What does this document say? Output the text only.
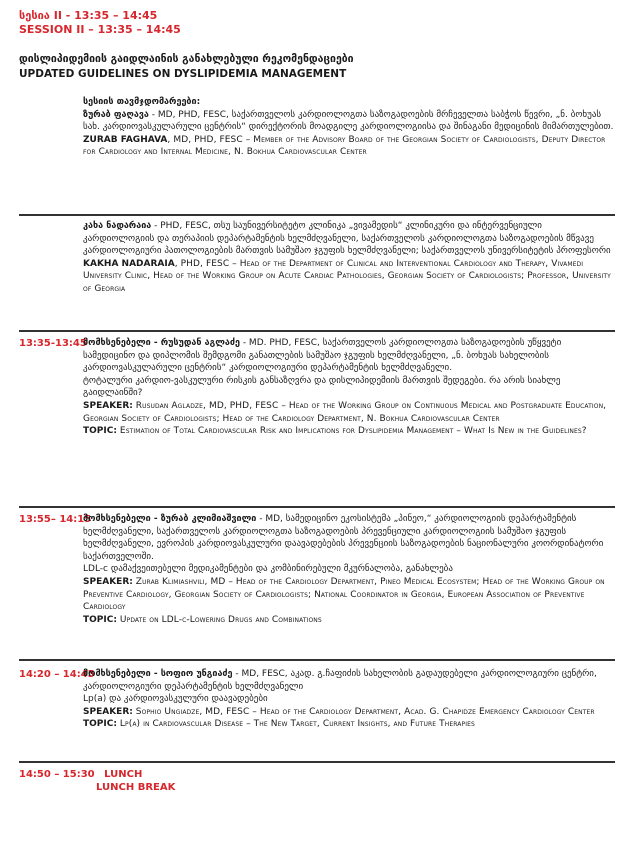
სესია II - 13:35 – 14:45
SESSION II – 13:35 – 14:45
დისლიპიდემიის გაიდლაინის განახლებული რეკომენდაციები
UPDATED GUIDELINES ON DYSLIPIDEMIA MANAGEMENT

სესიის თავმჯდომარეები:

ზურაბ ფაღავა - MD, PHD, FESC, საქართველოს კარდიოლოგთა საზოგადოების მრჩეველთა საბჭოს წევრი, „ნ. ბოხუას სახ. კარდიოვასკულარული ცენტრის“ დირექტორის მოადგილე კარდიოლოგიისა და შინაგანი მედიცინის მიმართულებით.

ZURAB FAGHAVA, MD, PHD, FESC – Member of the Advisory Board of the Georgian Society of Cardiologists, Deputy Director for Cardiology and Internal Medicine, N. Bokhua Cardiovascular Center

კახა ნადარაია - PHD, FESC, თსუ საუნივერსიტეტო კლინიკა „ვივამედის“ კლინიკური და ინტერვენციული კარდიოლოგიის და თერაპიის დეპარტამენტის ხელმძღვანელი, საქართველოს კარდიოლოგთა საზოგადოების მწვავე კარდიოლოგიური პათოლოგიების მართვის სამუშაო ჯგუფის ხელმძღვანელი; საქართველოს უნივერსიტეტის პროფესორი

KAKHA NADARAIA, PHD, FESC – Head of the Department of Clinical and Interventional Cardiology and Therapy, Vivamedi University Clinic, Head of the Working Group on Acute Cardiac Pathologies, Georgian Society of Cardiologists; Professor, University of Georgia

13:35-13:45

მომხსენებელი - რუსუდან აგლაძე - MD. PHD, FESC, საქართველოს კარდიოლოგთა საზოგადოების უწყვეტი სამედიცინო და დიპლომის შემდგომი განათლების სამუშაო ჯგუფის ხელმძღვანელი, „ნ. ბოხუას სახელობის კარდიოვასკულარული ცენტრის“ კარდიოლოგიური დეპარტამენტის ხელმძღვანელი.

ტოტალური კარდიო-ვასკულური რისკის განსაზღვრა და დისლიპიდემიის მართვის შედეგები. რა არის სიახლე გაიდლაინში?

SPEAKER: Rusudan Agladze, MD, PHD, FESC – Head of the Working Group on Continuous Medical and Postgraduate Education, Georgian Society of Cardiologists; Head of the Cardiology Department, N. Bokhua Cardiovascular Center

TOPIC: Estimation of Total Cardiovascular Risk and Implications for Dyslipidemia Management – What Is New in the Guidelines?

13:55– 14:15

მომხსენებელი - ზურაბ კლიმიაშვილი - MD, სამედიცინო ეკოსისტემა „პინეო,“ კარდიოლოგიის დეპარტამენტის ხელმძღვანელი, საქართველოს კარდიოლოგთა საზოგადოების პრევენციული კარდიოლოგიის სამუშაო ჯგუფის ხელმძღვანელი, ევროპის კარდიოვასკულური დაავადებების პრევენციის საზოგადოების ნაციონალური კოორდინატორი საქართველოში.

LDL-c დამაქვეითებელი მედიკამენტები და კომბინირებული მკურნალობა, განახლება

SPEAKER: Zurab Klimiashvili, MD – Head of the Cardiology Department, Pineo Medical Ecosystem; Head of the Working Group on Preventive Cardiology, Georgian Society of Cardiologists; National Coordinator in Georgia, European Association of Preventive Cardiology

TOPIC: Update on LDL-c-Lowering Drugs and Combinations

14:20 – 14:45

მომხსენებელი - სოფიო უნგიაძე - MD, FESC, აკად. გ.ჩაფიძის სახელობის გადაუდებელი კარდიოლოგიური ცენტრი, კარდიოლოგიური დეპარტამენტის ხელმძღვანელი

Lp(a) და კარდიოვასკულური დაავადებები

SPEAKER: Sophio Ungiadze, MD, FESC – Head of the Cardiology Department, Acad. G. Chapidze Emergency Cardiology Center

TOPIC: Lp(a) in Cardiovascular Disease – The New Target, Current Insights, and Future Therapies

14:50 – 15:30 LUNCH
LUNCH BREAK
